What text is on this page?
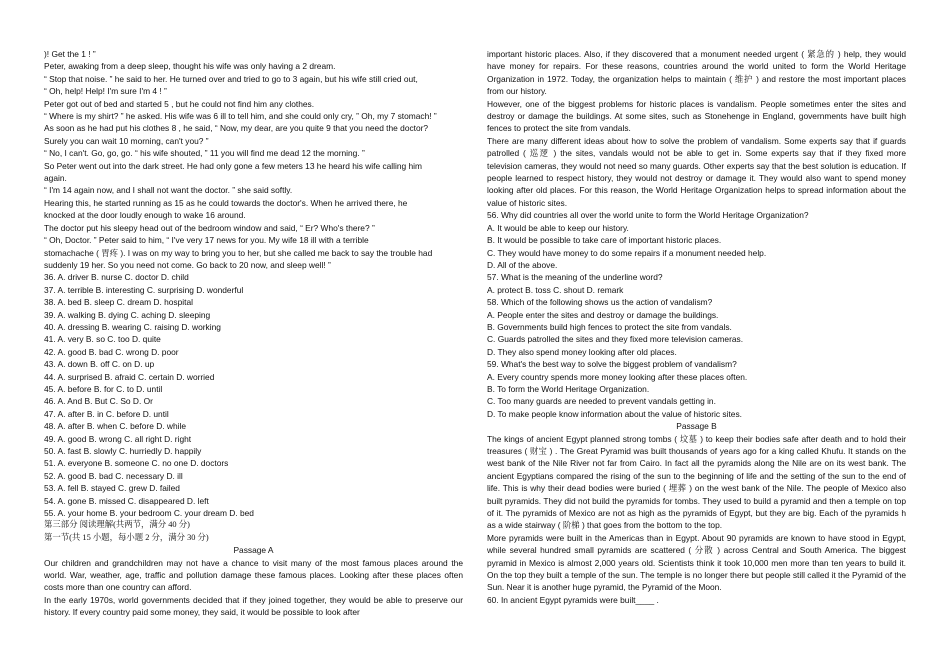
)! Get the 1 ! ”
Peter, awaking from a deep sleep, thought his wife was only having a 2 dream.
“ Stop that noise. ” he said to her. He turned over and tried to go to 3 again, but his wife still cried out,
“ Oh, help! Help! I'm sure I'm 4 ! ”
Peter got out of bed and started 5 , but he could not find him any clothes.
“ Where is my shirt? ” he asked. His wife was 6 ill to tell him, and she could only cry, ” Oh, my 7 stomach! ”
As soon as he had put his clothes 8 , he said, “ Now, my dear, are you quite 9 that you need the doctor?
Surely you can wait 10 morning, can't you? ”
“ No, I can't. Go, go, go. “ his wife shouted, ” 11 you will find me dead 12 the morning. ”
So Peter went out into the dark street. He had only gone a few meters 13 he heard his wife calling him
again.
“ I'm 14 again now, and I shall not want the doctor. ” she said softly.
Hearing this, he started running as 15 as he could towards the doctor's. When he arrived there, he
knocked at the door loudly enough to wake 16 around.
The doctor put his sleepy head out of the bedroom window and said, “ Er? Who's there? ”
“ Oh, Doctor. ” Peter said to him, “ I've very 17 news for you. My wife 18 ill with a terrible
stomachache ( 胃疼 ). I was on my way to bring you to her, but she called me back to say the trouble had
suddenly 19 her. So you need not come. Go back to 20 now, and sleep well! ”
36. A. driver B. nurse C. doctor D. child
37. A. terrible B. interesting C. surprising D. wonderful
38. A. bed B. sleep C. dream D. hospital
39. A. walking B. dying C. aching D. sleeping
40. A. dressing B. wearing C. raising D. working
41. A. very B. so C. too D. quite
42. A. good B. bad C. wrong D. poor
43. A. down B. off C. on D. up
44. A. surprised B. afraid C. certain D. worried
45. A. before B. for C. to D. until
46. A. And B. But C. So D. Or
47. A. after B. in C. before D. until
48. A. after B. when C. before D. while
49. A. good B. wrong C. all right D. right
50. A. fast B. slowly C. hurriedly D. happily
51. A. everyone B. someone C. no one D. doctors
52. A. good B. bad C. necessary D. ill
53. A. fell B. stayed C. grew D. failed
54. A. gone B. missed C. disappeared D. left
55. A. your home B. your bedroom C. your dream D. bed
第三部分 阅读理解(共两节，满分 40 分)
第一节(共 15 小题，每小题 2 分，满分 30 分)
Passage A
Our children and grandchildren may not have a chance to visit many of the most famous places around the world. War, weather, age, traffic and pollution damage these famous places. Looking after these places often costs more than one country can afford.
In the early 1970s, world governments decided that if they joined together, they would be able to preserve our history. If every country paid some money, they said, it would be possible to look after
important historic places. Also, if they discovered that a monument needed urgent ( 紧急的 ) help, they would have money for repairs. For these reasons, countries around the world united to form the World Heritage Organization in 1972. Today, the organization helps to maintain ( 维护 ) and restore the most important places from our history.
However, one of the biggest problems for historic places is vandalism. People sometimes enter the sites and destroy or damage the buildings. At some sites, such as Stonehenge in England, governments have built high fences to protect the site from vandals.
There are many different ideas about how to solve the problem of vandalism. Some experts say that if guards patrolled ( 巡逻 ) the sites, vandals would not be able to get in. Some experts say that if they fixed more television cameras, they would not need so many guards. Other experts say that the best solution is education. If people learned to respect history, they would not destroy or damage it. They would also want to spend money looking after old places. For this reason, the World Heritage Organization helps to spread information about the value of historic sites.
56. Why did countries all over the world unite to form the World Heritage Organization?
A. It would be able to keep our history.
B. It would be possible to take care of important historic places.
C. They would have money to do some repairs if a monument needed help.
D. All of the above.
57. What is the meaning of the underline word?
A. protect B. toss C. shout D. remark
58. Which of the following shows us the action of vandalism?
A. People enter the sites and destroy or damage the buildings.
B. Governments build high fences to protect the site from vandals.
C. Guards patrolled the sites and they fixed more television cameras.
D. They also spend money looking after old places.
59. What's the best way to solve the biggest problem of vandalism?
A. Every country spends more money looking after these places often.
B. To form the World Heritage Organization.
C. Too many guards are needed to prevent vandals getting in.
D. To make people know information about the value of historic sites.
Passage B
The kings of ancient Egypt planned strong tombs ( 坟墓 ) to keep their bodies safe after death and to hold their treasures ( 财宝 ) . The Great Pyramid was built thousands of years ago for a king called Khufu. It stands on the west bank of the Nile River not far from Cairo. In fact all the pyramids along the Nile are on its west bank. The ancient Egyptians compared the rising of the sun to the beginning of life and the setting of the sun to the end of life. This is why their dead bodies were buried ( 埋葬 ) on the west bank of the Nile. The people of Mexico also built pyramids. They did not build the pyramids for tombs. They used to build a pyramid and then a temple on top of it. The pyramids of Mexico are not as high as the pyramids of Egypt, but they are big. Each of the pyramids h as a wide stairway ( 阶梯 ) that goes from the bottom to the top.
More pyramids were built in the Americas than in Egypt. About 90 pyramids are known to have stood in Egypt, while several hundred small pyramids are scattered ( 分散 ) across Central and South America. The biggest pyramid in Mexico is almost 2,000 years old. Scientists think it took 10,000 men more than ten years to build it. On the top they built a temple of the sun. The temple is no longer there but people still called it the Pyramid of the Sun. Near it is another huge pyramid, the Pyramid of the Moon.
60. In ancient Egypt pyramids were built____ .
